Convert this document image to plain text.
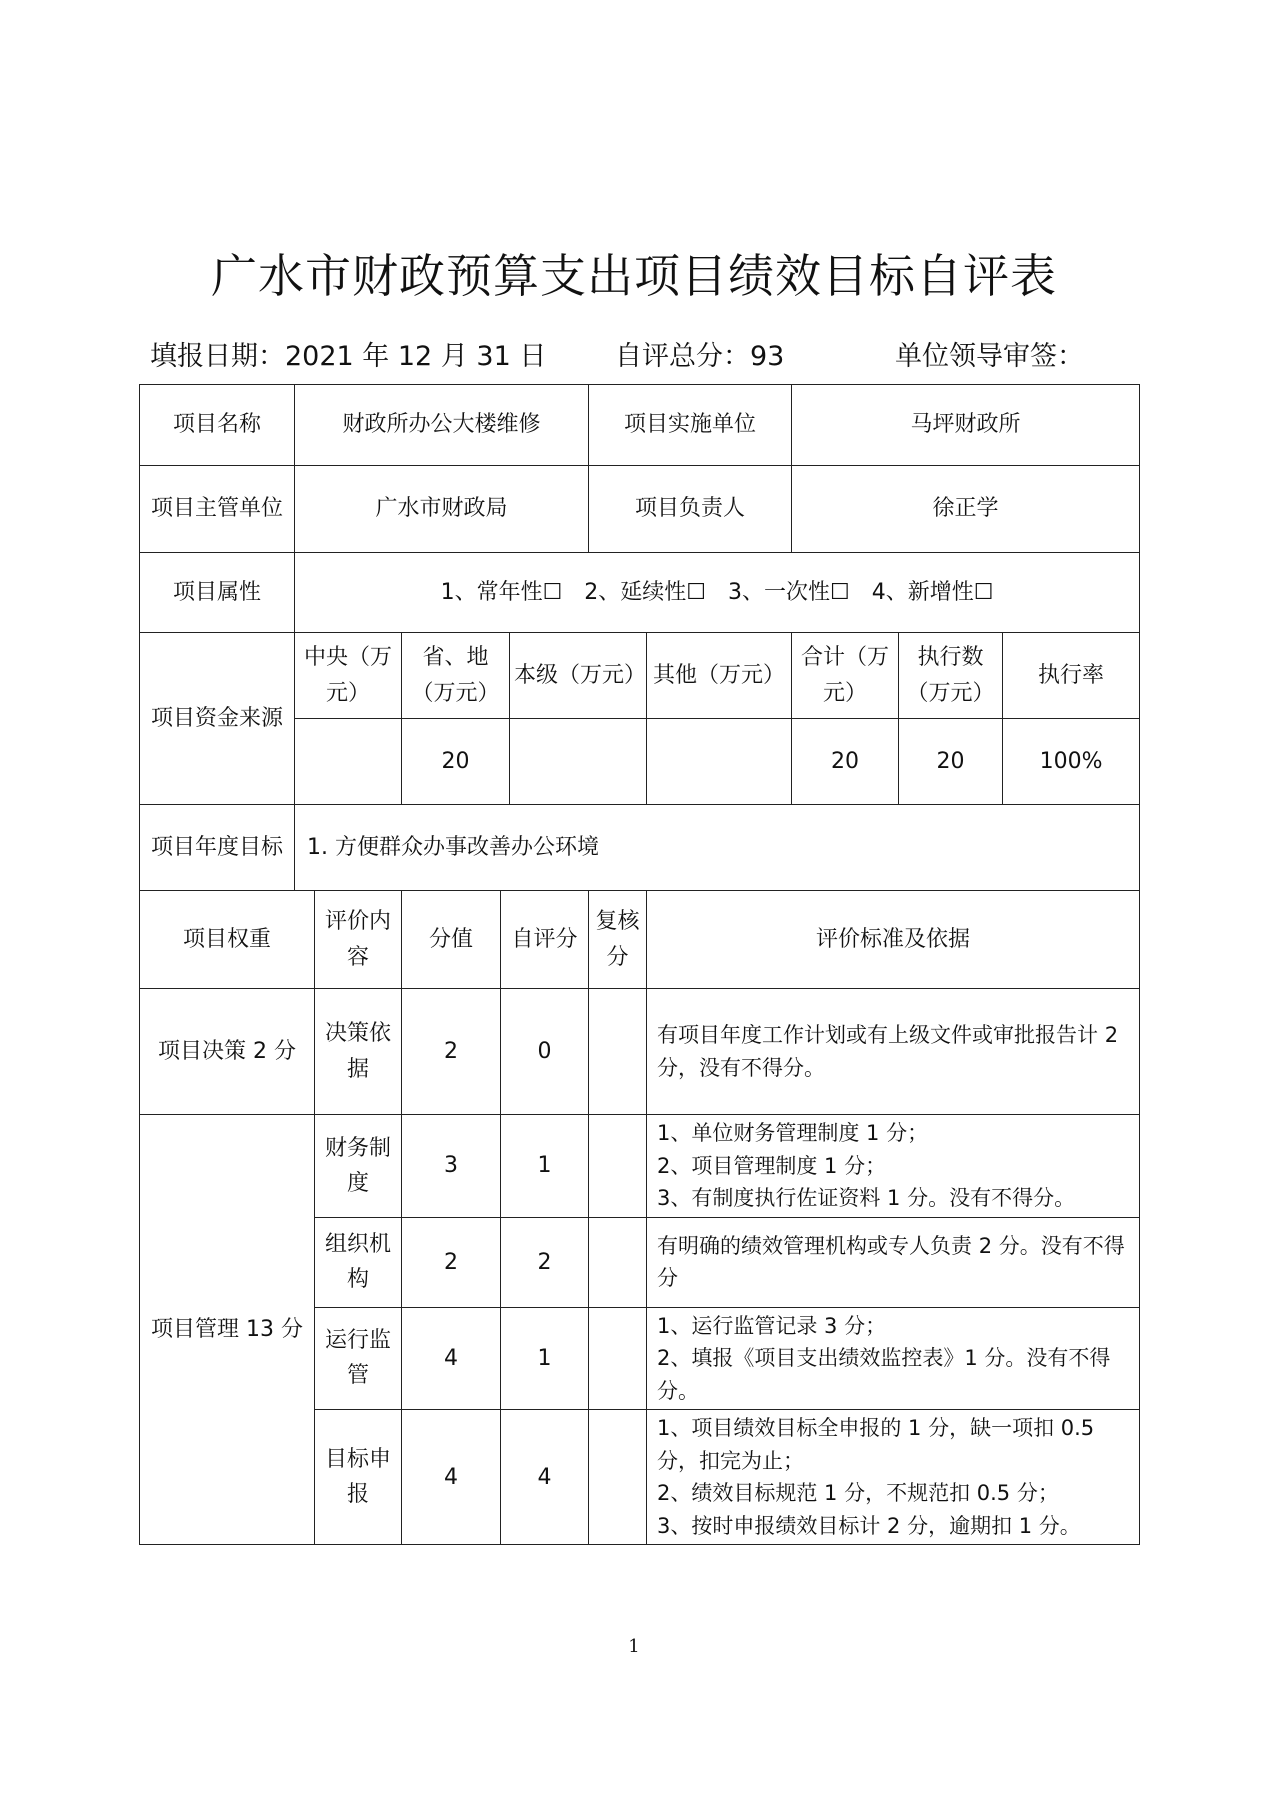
广水市财政预算支出项目绩效目标自评表
填报日期：2021 年 12 月 31 日	自评总分：93	单位领导审签：
项目名称	财政所办公大楼维修					项目实施单位		马坪财政所		
项目主管单位	广水市财政局					项目负责人		徐正学		
项目属性	1、常年性☐　2、延续性☐　3、一次性☐　4、新增性☐									
项目资金来源	中央（万元）		省、地（万元）		本级（万元）		其他（万元）	合计（万元）	执行数（万元）	执行率
			20					20	20	100%
项目年度目标	1. 方便群众办事改善办公环境									
项目权重		评价内容	分值	自评分		复核分	评价标准及依据			
项目决策 2 分		决策依据	2	0			有项目年度工作计划或有上级文件或审批报告计 2 分，没有不得分。			

项目管理 13 分		财务制度	3	1			1、单位财务管理制度 1 分；
2、项目管理制度 1 分；
3、有制度执行佐证资料 1 分。没有不得分。			

		组织机构	2	2			有明确的绩效管理机构或专人负责 2 分。没有不得分			

		运行监管	4	1			1、运行监管记录 3 分；
2、填报《项目支出绩效监控表》1 分。没有不得分。			

		目标申报	4	4			1、项目绩效目标全申报的 1 分，缺一项扣 0.5 分，扣完为止；
2、绩效目标规范 1 分，不规范扣 0.5 分；
3、按时申报绩效目标计 2 分，逾期扣 1 分。			
1
